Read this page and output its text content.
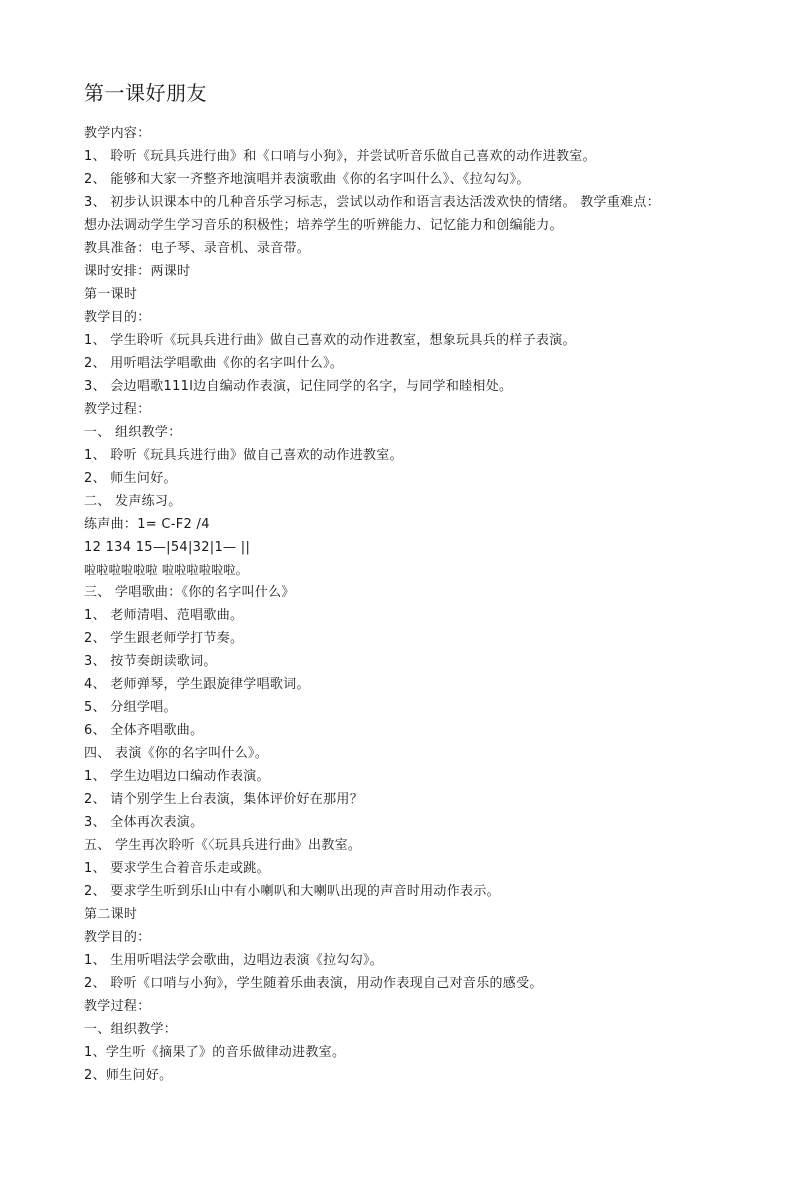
第一课好朋友
教学内容：
1、 聆听《玩具兵进行曲》和《口哨与小狗》，并尝试听音乐做自己喜欢的动作进教室。
2、 能够和大家一齐整齐地演唱并表演歌曲《你的名字叫什么》、《拉勾勾》。
3、 初步认识课本中的几种音乐学习标志，尝试以动作和语言表达活泼欢快的情绪。 教学重难点：
想办法调动学生学习音乐的积极性；培养学生的听辨能力、记忆能力和创编能力。
教具准备：电子琴、录音机、录音带。
课时安排：两课时
第一课时
教学目的：
1、 学生聆听《玩具兵进行曲》做自己喜欢的动作进教室，想象玩具兵的样子表演。
2、 用听唱法学唱歌曲《你的名字叫什么》。
3、 会边唱歌111l边自编动作表演，记住同学的名字，与同学和睦相处。
教学过程：
一、 组织教学：
1、 聆听《玩具兵进行曲》做自己喜欢的动作进教室。
2、 师生问好。
二、 发声练习。
练声曲：1= C-F2 /4
12 134 15—|54|32|1— ||
啦啦啦啦啦啦 啦啦啦啦啦啦。
三、 学唱歌曲：《你的名字叫什么》
1、 老师清唱、范唱歌曲。
2、 学生跟老师学打节奏。
3、 按节奏朗读歌词。
4、 老师弹琴，学生跟旋律学唱歌词。
5、 分组学唱。
6、 全体齐唱歌曲。
四、 表演《你的名字叫什么》。
1、 学生边唱边口编动作表演。
2、 请个别学生上台表演，集体评价好在那用？
3、 全体再次表演。
五、 学生再次聆听《〈玩具兵进行曲》出教室。
1、 要求学生合着音乐走或跳。
2、 要求学生听到乐l山中有小喇叭和大喇叭出现的声音时用动作表示。
第二课时
教学目的：
1、 生用听唱法学会歌曲，边唱边表演《拉勾勾》。
2、 聆听《口哨与小狗》，学生随着乐曲表演，用动作表现自己对音乐的感受。
教学过程：
一、组织教学：
1、学生听《摘果了》的音乐做律动进教室。
2、师生问好。
